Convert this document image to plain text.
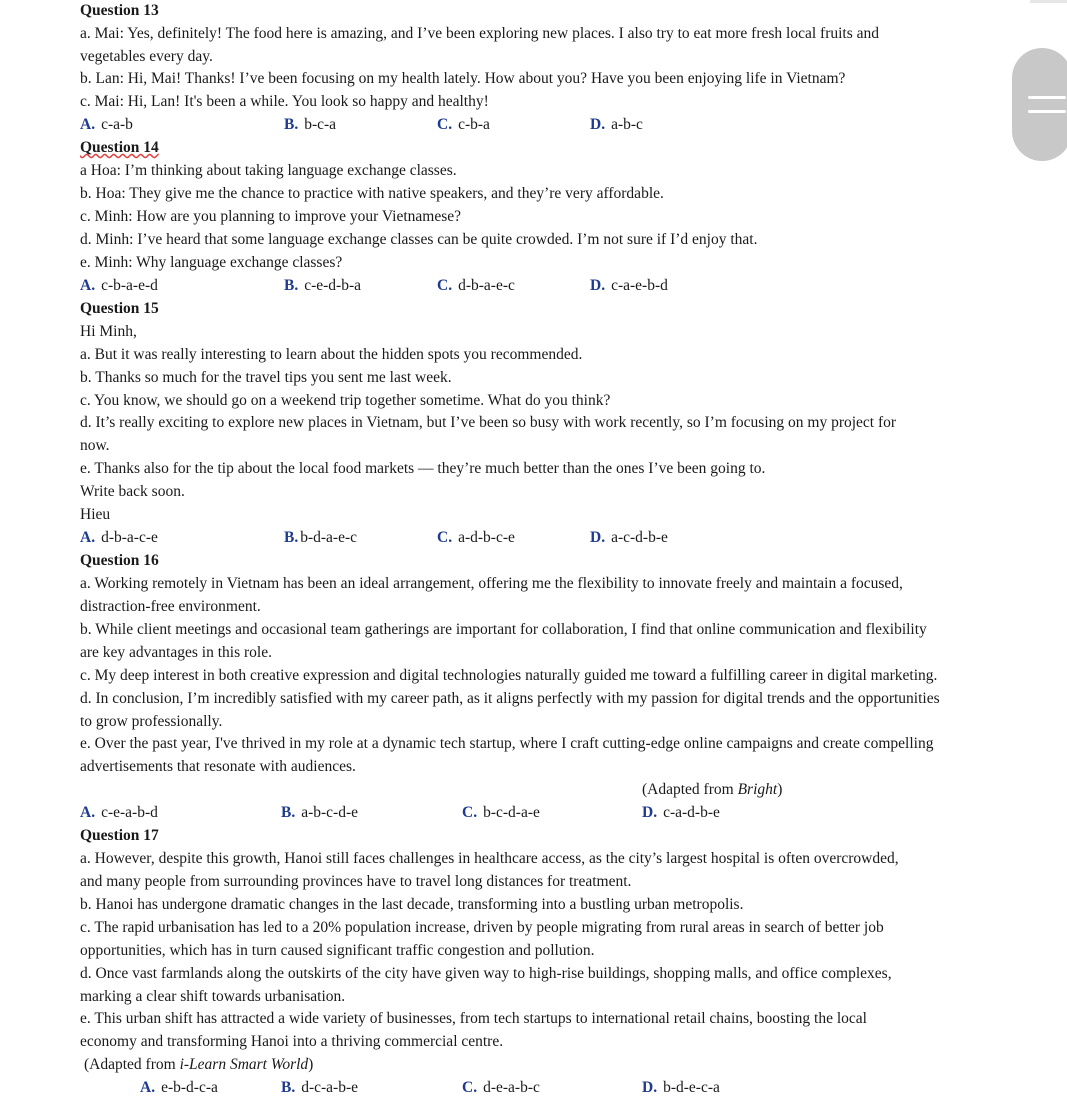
Question 13
a. Mai: Yes, definitely! The food here is amazing, and I’ve been exploring new places. I also try to eat more fresh local fruits and
vegetables every day.
b. Lan: Hi, Mai! Thanks! I’ve been focusing on my health lately. How about you? Have you been enjoying life in Vietnam?
c. Mai: Hi, Lan! It's been a while. You look so happy and healthy!
A. c-a-b	B. b-c-a	C. c-b-a	D. a-b-c
Question 14
a Hoa: I’m thinking about taking language exchange classes.
b. Hoa: They give me the chance to practice with native speakers, and they’re very affordable.
c. Minh: How are you planning to improve your Vietnamese?
d. Minh: I’ve heard that some language exchange classes can be quite crowded. I’m not sure if I’d enjoy that.
e. Minh: Why language exchange classes?
A. c-b-a-e-d	B. c-e-d-b-a	C. d-b-a-e-c	D. c-a-e-b-d
Question 15
Hi Minh,
a. But it was really interesting to learn about the hidden spots you recommended.
b. Thanks so much for the travel tips you sent me last week.
c. You know, we should go on a weekend trip together sometime. What do you think?
d. It’s really exciting to explore new places in Vietnam, but I’ve been so busy with work recently, so I’m focusing on my project for
now.
e. Thanks also for the tip about the local food markets — they’re much better than the ones I’ve been going to.
Write back soon.
Hieu
A. d-b-a-c-e	B. b-d-a-e-c	C. a-d-b-c-e	D. a-c-d-b-e
Question 16
a. Working remotely in Vietnam has been an ideal arrangement, offering me the flexibility to innovate freely and maintain a focused,
distraction-free environment.
b. While client meetings and occasional team gatherings are important for collaboration, I find that online communication and flexibility
are key advantages in this role.
c. My deep interest in both creative expression and digital technologies naturally guided me toward a fulfilling career in digital marketing.
d. In conclusion, I’m incredibly satisfied with my career path, as it aligns perfectly with my passion for digital trends and the opportunities
to grow professionally.
e. Over the past year, I've thrived in my role at a dynamic tech startup, where I craft cutting-edge online campaigns and create compelling
advertisements that resonate with audiences.
(Adapted from Bright)
A. c-e-a-b-d	B. a-b-c-d-e	C. b-c-d-a-e	D. c-a-d-b-e
Question 17
a. However, despite this growth, Hanoi still faces challenges in healthcare access, as the city’s largest hospital is often overcrowded,
and many people from surrounding provinces have to travel long distances for treatment.
b. Hanoi has undergone dramatic changes in the last decade, transforming into a bustling urban metropolis.
c. The rapid urbanisation has led to a 20% population increase, driven by people migrating from rural areas in search of better job
opportunities, which has in turn caused significant traffic congestion and pollution.
d. Once vast farmlands along the outskirts of the city have given way to high-rise buildings, shopping malls, and office complexes,
marking a clear shift towards urbanisation.
e. This urban shift has attracted a wide variety of businesses, from tech startups to international retail chains, boosting the local
economy and transforming Hanoi into a thriving commercial centre.
(Adapted from i-Learn Smart World)
A. e-b-d-c-a	B. d-c-a-b-e	C. d-e-a-b-c	D. b-d-e-c-a
